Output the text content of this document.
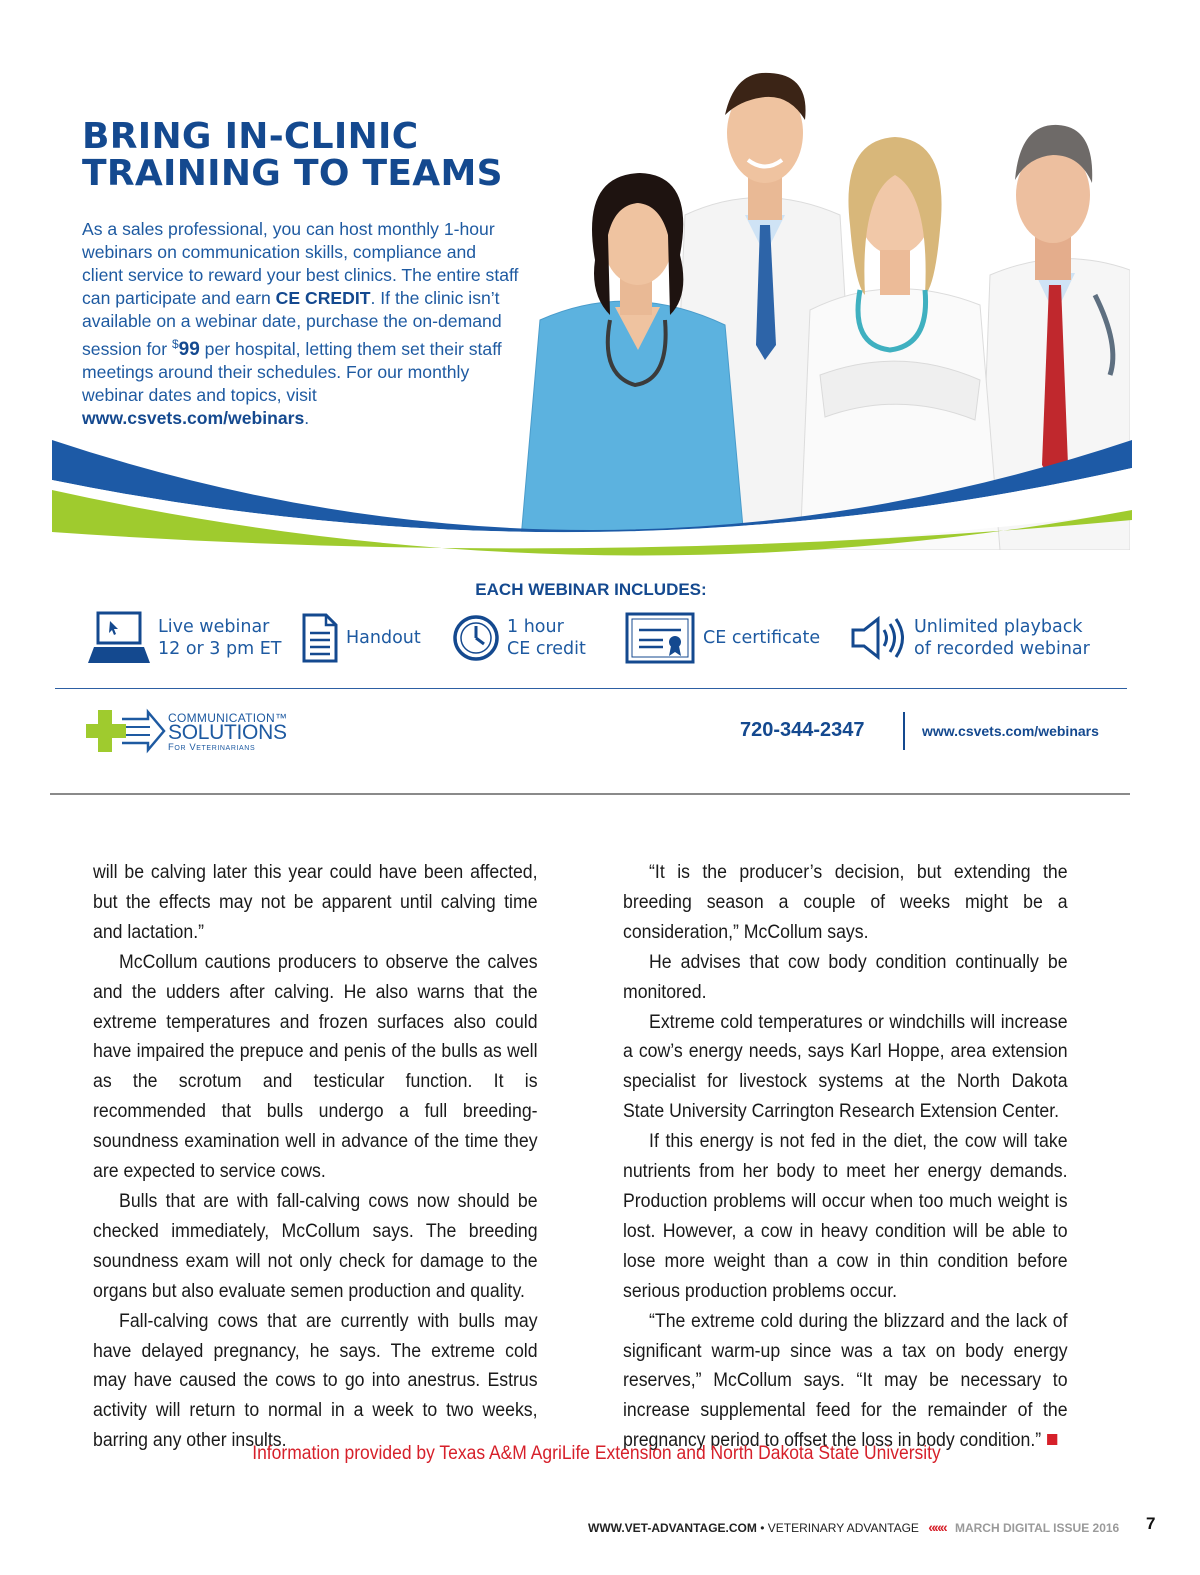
BRING IN-CLINIC
TRAINING TO TEAMS
As a sales professional, you can host monthly 1-hour webinars on communication skills, compliance and client service to reward your best clinics. The entire staff can participate and earn CE CREDIT. If the clinic isn’t available on a webinar date, purchase the on-demand session for $99 per hospital, letting them set their staff meetings around their schedules. For our monthly webinar dates and topics, visit www.csvets.com/webinars.
EACH WEBINAR INCLUDES:
Live webinar
12 or 3 pm ET
Handout
1 hour
CE credit
CE certificate
Unlimited playback
of recorded webinar
COMMUNICATION™
SOLUTIONS
For Veterinarians
720-344-2347	www.csvets.com/webinars

will be calving later this year could have been affected, but the effects may not be apparent until calving time and lactation.”

McCollum cautions producers to observe the calves and the udders after calving. He also warns that the extreme temperatures and frozen surfaces also could have impaired the prepuce and penis of the bulls as well as the scrotum and testicular function. It is recommended that bulls undergo a full breeding-soundness examination well in advance of the time they are expected to service cows.

Bulls that are with fall-calving cows now should be checked immediately, McCollum says. The breeding soundness exam will not only check for damage to the organs but also evaluate semen production and quality.

Fall-calving cows that are currently with bulls may have delayed pregnancy, he says. The extreme cold may have caused the cows to go into anestrus. Estrus activity will return to normal in a week to two weeks, barring any other insults.

“It is the producer’s decision, but extending the breeding season a couple of weeks might be a consideration,” McCollum says.

He advises that cow body condition continually be monitored.

Extreme cold temperatures or windchills will increase a cow’s energy needs, says Karl Hoppe, area extension specialist for livestock systems at the North Dakota State University Carrington Research Extension Center.

If this energy is not fed in the diet, the cow will take nutrients from her body to meet her energy demands. Production problems will occur when too much weight is lost. However, a cow in heavy condition will be able to lose more weight than a cow in thin condition before serious production problems occur.

“The extreme cold during the blizzard and the lack of significant warm-up since was a tax on body energy reserves,” McCollum says. “It may be necessary to increase supplemental feed for the remainder of the pregnancy period to offset the loss in body condition.”

Information provided by Texas A&M AgriLife Extension and North Dakota State University
WWW.VET-ADVANTAGE.COM • VETERINARY ADVANTAGE ««« MARCH DIGITAL ISSUE 2016 7
